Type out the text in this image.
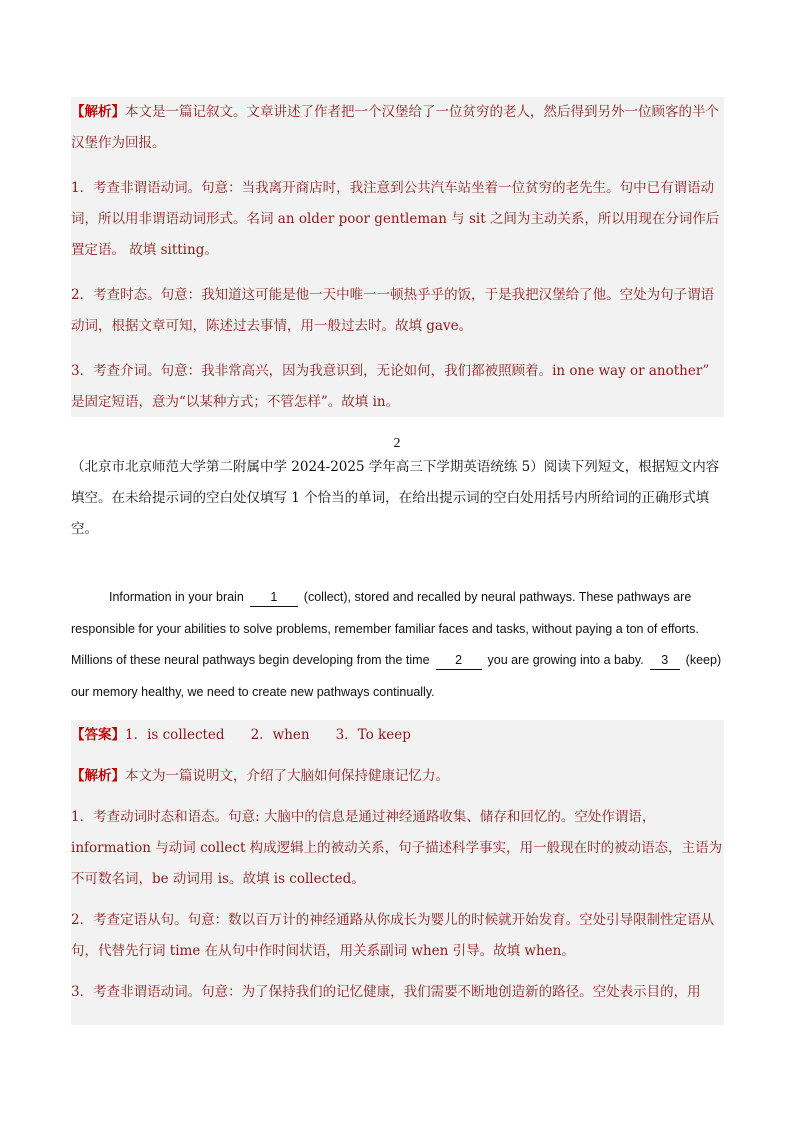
【解析】本文是一篇记叙文。文章讲述了作者把一个汉堡给了一位贫穷的老人，然后得到另外一位顾客的半个汉堡作为回报。

1．考查非谓语动词。句意：当我离开商店时，我注意到公共汽车站坐着一位贫穷的老先生。句中已有谓语动词，所以用非谓语动词形式。名词 an older poor gentleman 与 sit 之间为主动关系，所以用现在分词作后置定语。 故填 sitting。

2．考查时态。句意：我知道这可能是他一天中唯一一顿热乎乎的饭，于是我把汉堡给了他。空处为句子谓语动词，根据文章可知，陈述过去事情，用一般过去时。故填 gave。

3．考查介词。句意：我非常高兴，因为我意识到，无论如何，我们都被照顾着。in one way or another” 是固定短语，意为“以某种方式；不管怎样”。故填 in。

2

（北京市北京师范大学第二附属中学 2024-2025 学年高三下学期英语统练 5）阅读下列短文，根据短文内容填空。在未给提示词的空白处仅填写 1 个恰当的单词，在给出提示词的空白处用括号内所给词的正确形式填空。

Information in your brain 1 (collect), stored and recalled by neural pathways. These pathways are responsible for your abilities to solve problems, remember familiar faces and tasks, without paying a ton of efforts. Millions of these neural pathways begin developing from the time 2 you are growing into a baby. 3 (keep) our memory healthy, we need to create new pathways continually.

【答案】1．is collected 2．when 3．To keep

【解析】本文为一篇说明文，介绍了大脑如何保持健康记忆力。

1．考查动词时态和语态。句意: 大脑中的信息是通过神经通路收集、储存和回忆的。空处作谓语，information 与动词 collect 构成逻辑上的被动关系，句子描述科学事实，用一般现在时的被动语态，主语为不可数名词，be 动词用 is。故填 is collected。

2．考查定语从句。句意：数以百万计的神经通路从你成长为婴儿的时候就开始发育。空处引导限制性定语从句，代替先行词 time 在从句中作时间状语，用关系副词 when 引导。故填 when。

3．考查非谓语动词。句意：为了保持我们的记忆健康，我们需要不断地创造新的路径。空处表示目的，用
